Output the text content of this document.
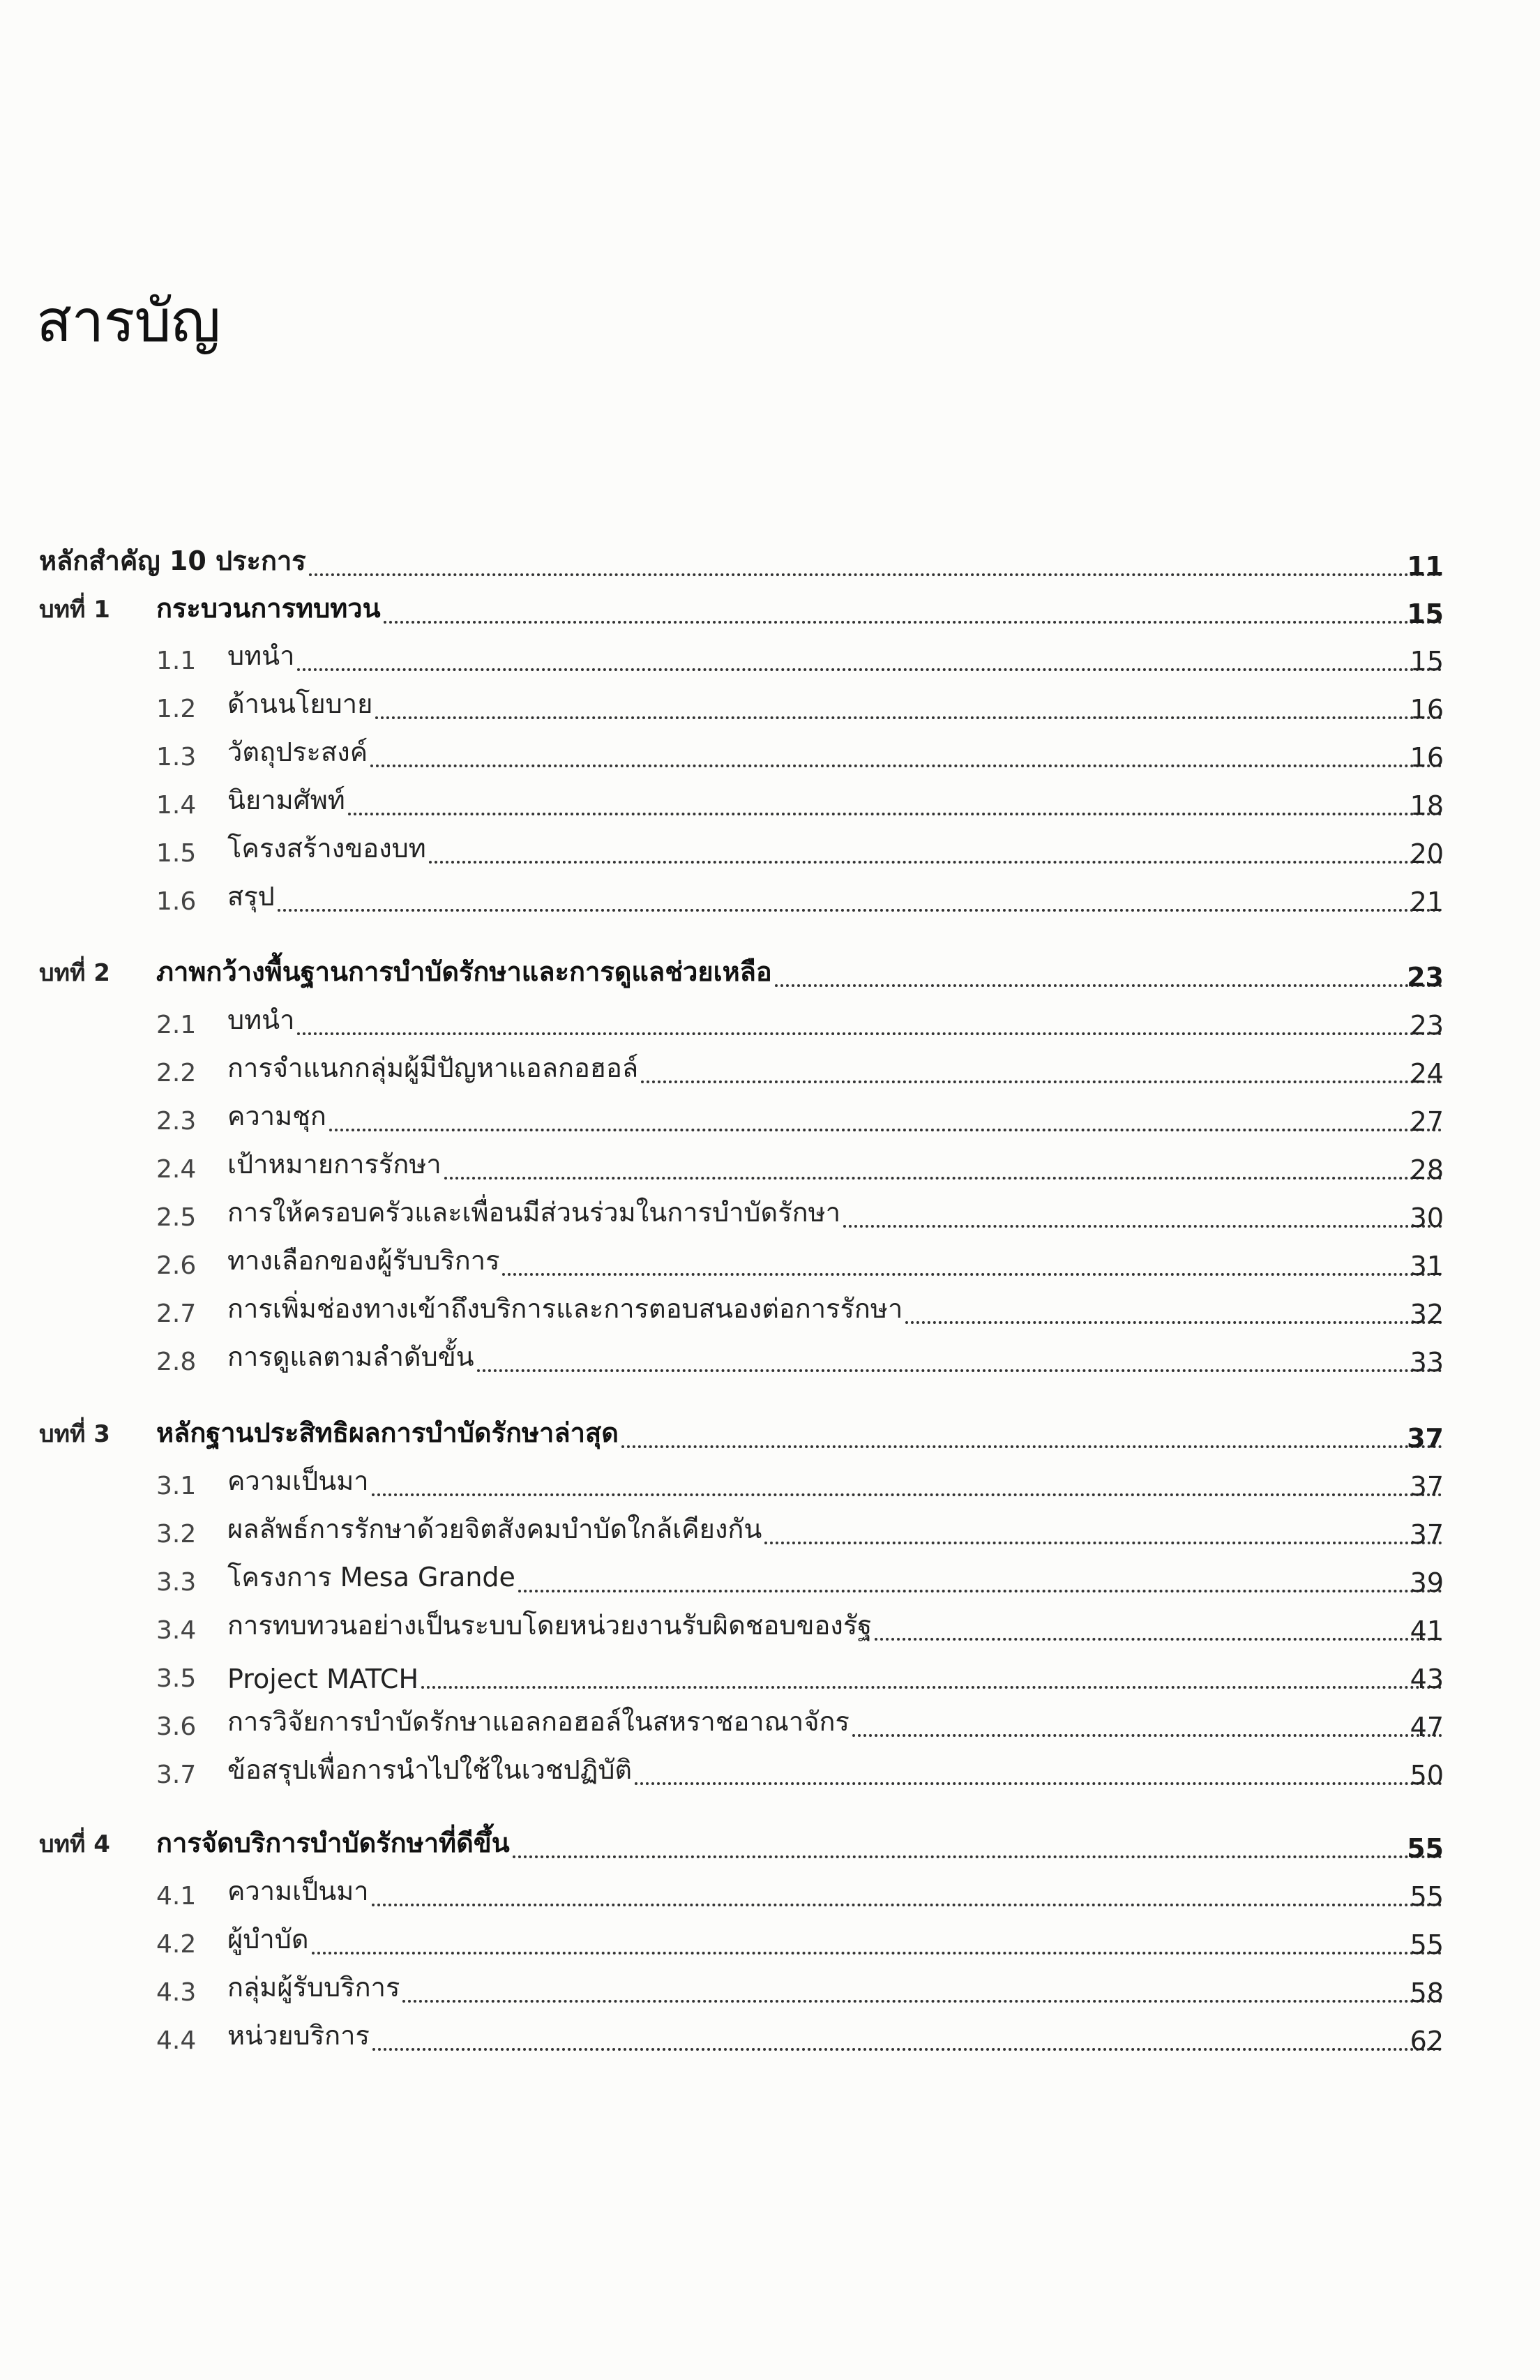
สารบัญ
หลักสำคัญ 10 ประการ	11
บทที่ 1 กระบวนการทบทวน	15
1.1 บทนำ	15
1.2 ด้านนโยบาย	16
1.3 วัตถุประสงค์	16
1.4 นิยามศัพท์	18
1.5 โครงสร้างของบท	20
1.6 สรุป	21
บทที่ 2 ภาพกว้างพื้นฐานการบำบัดรักษาและการดูแลช่วยเหลือ	23
2.1 บทนำ	23
2.2 การจำแนกกลุ่มผู้มีปัญหาแอลกอฮอล์	24
2.3 ความชุก	27
2.4 เป้าหมายการรักษา	28
2.5 การให้ครอบครัวและเพื่อนมีส่วนร่วมในการบำบัดรักษา	30
2.6 ทางเลือกของผู้รับบริการ	31
2.7 การเพิ่มช่องทางเข้าถึงบริการและการตอบสนองต่อการรักษา	32
2.8 การดูแลตามลำดับขั้น	33
บทที่ 3 หลักฐานประสิทธิผลการบำบัดรักษาล่าสุด	37
3.1 ความเป็นมา	37
3.2 ผลลัพธ์การรักษาด้วยจิตสังคมบำบัดใกล้เคียงกัน	37
3.3 โครงการ Mesa Grande	39
3.4 การทบทวนอย่างเป็นระบบโดยหน่วยงานรับผิดชอบของรัฐ	41
3.5 Project MATCH	43
3.6 การวิจัยการบำบัดรักษาแอลกอฮอล์ในสหราชอาณาจักร	47
3.7 ข้อสรุปเพื่อการนำไปใช้ในเวชปฏิบัติ	50
บทที่ 4 การจัดบริการบำบัดรักษาที่ดีขึ้น	55
4.1 ความเป็นมา	55
4.2 ผู้บำบัด	55
4.3 กลุ่มผู้รับบริการ	58
4.4 หน่วยบริการ	62
